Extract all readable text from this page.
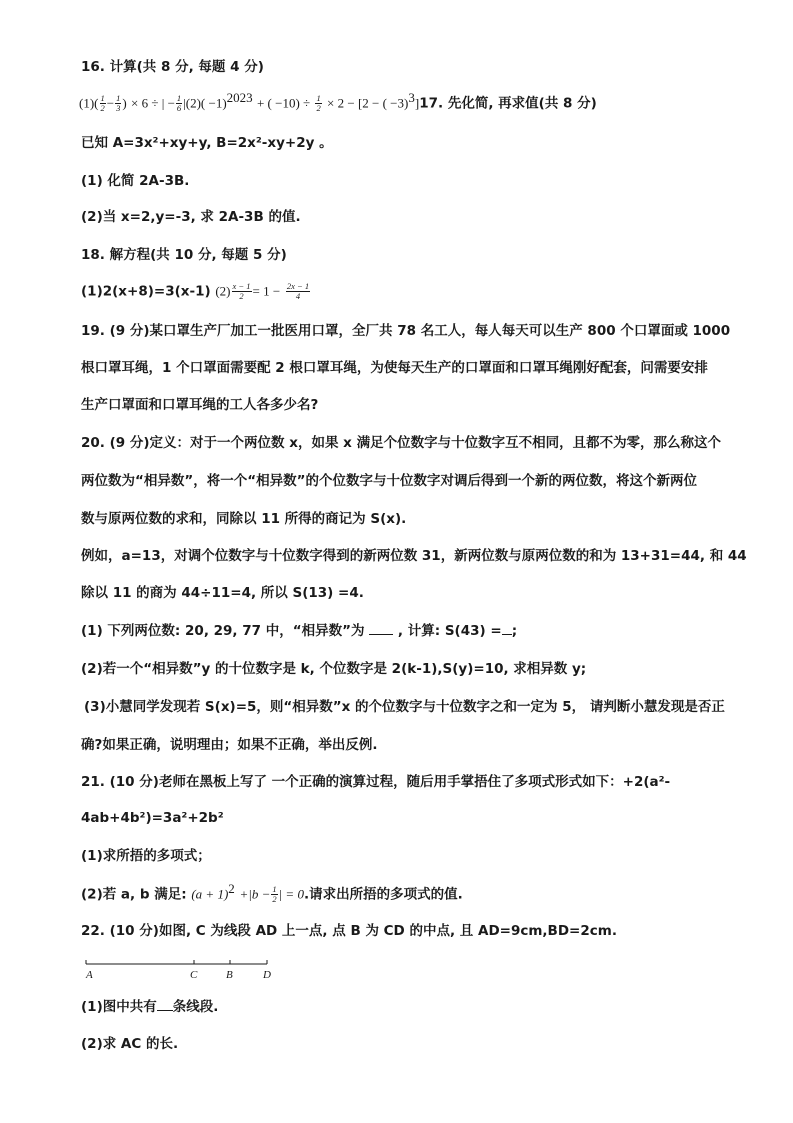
16. 计算(共 8 分, 每题 4 分)
$(1)( \frac{1}{2} - \frac{1}{3}$ ) × 6 ÷ | − $\frac{1}{6} |(2)( -1)^{2023}$ + ( $-10) \div \frac{1}{2} \times 2 - [2$ − ( −3)$^3$]17. 先化简, 再求值(共 8 分)
已知 A=3x²+xy+y, B=2x²-xy+2y 。
(1) 化简 2A-3B.
(2)当 x=2,y=-3, 求 2A-3B 的值.
18. 解方程(共 10 分, 每题 5 分)
(1)2(x+8)=3(x-1) $(2) \frac{x - 1}{2} = 1 - \frac{2x - 1}{4}$
19. (9 分)某口罩生产厂加工一批医用口罩，全厂共 78 名工人，每人每天可以生产 800 个口罩面或 1000
根口罩耳绳，1 个口罩面需要配 2 根口罩耳绳，为使每天生产的口罩面和口罩耳绳刚好配套，问需要安排
生产口罩面和口罩耳绳的工人各多少名?
20. (9 分)定义：对于一个两位数 x，如果 x 满足个位数字与十位数字互不相同，且都不为零，那么称这个
两位数为“相异数”，将一个“相异数”的个位数字与十位数字对调后得到一个新的两位数，将这个新两位
数与原两位数的求和，同除以 11 所得的商记为 S(x).
例如，a=13，对调个位数字与十位数字得到的新两位数 31，新两位数与原两位数的和为 13+31=44, 和 44
除以 11 的商为 44÷11=4, 所以 S(13) =4.
(1) 下列两位数: 20, 29, 77 中，“相异数”为 , 计算: S(43) = ;
(2)若一个“相异数”y 的十位数字是 k, 个位数字是 2(k-1),S(y)=10, 求相异数 y;
(3)小慧同学发现若 S(x)=5，则“相异数”x 的个位数字与十位数字之和一定为 5， 请判断小慧发现是否正
确?如果正确，说明理由；如果不正确，举出反例.
21. (10 分)老师在黑板上写了 一个正确的演算过程，随后用手掌捂住了多项式形式如下：+2(a²-
4ab+4b²)=3a²+2b²
(1)求所捂的多项式；
(2)若 a, b 满足: $(a + 1)^2 +|b - \frac{1}{2}$ | = 0.请求出所捂的多项式的值.
22. (10 分)如图, C 为线段 AD 上一点, 点 B 为 CD 的中点, 且 AD=9cm,BD=2cm.
A	C	B	D
(1)图中共有 条线段.
(2)求 AC 的长.
